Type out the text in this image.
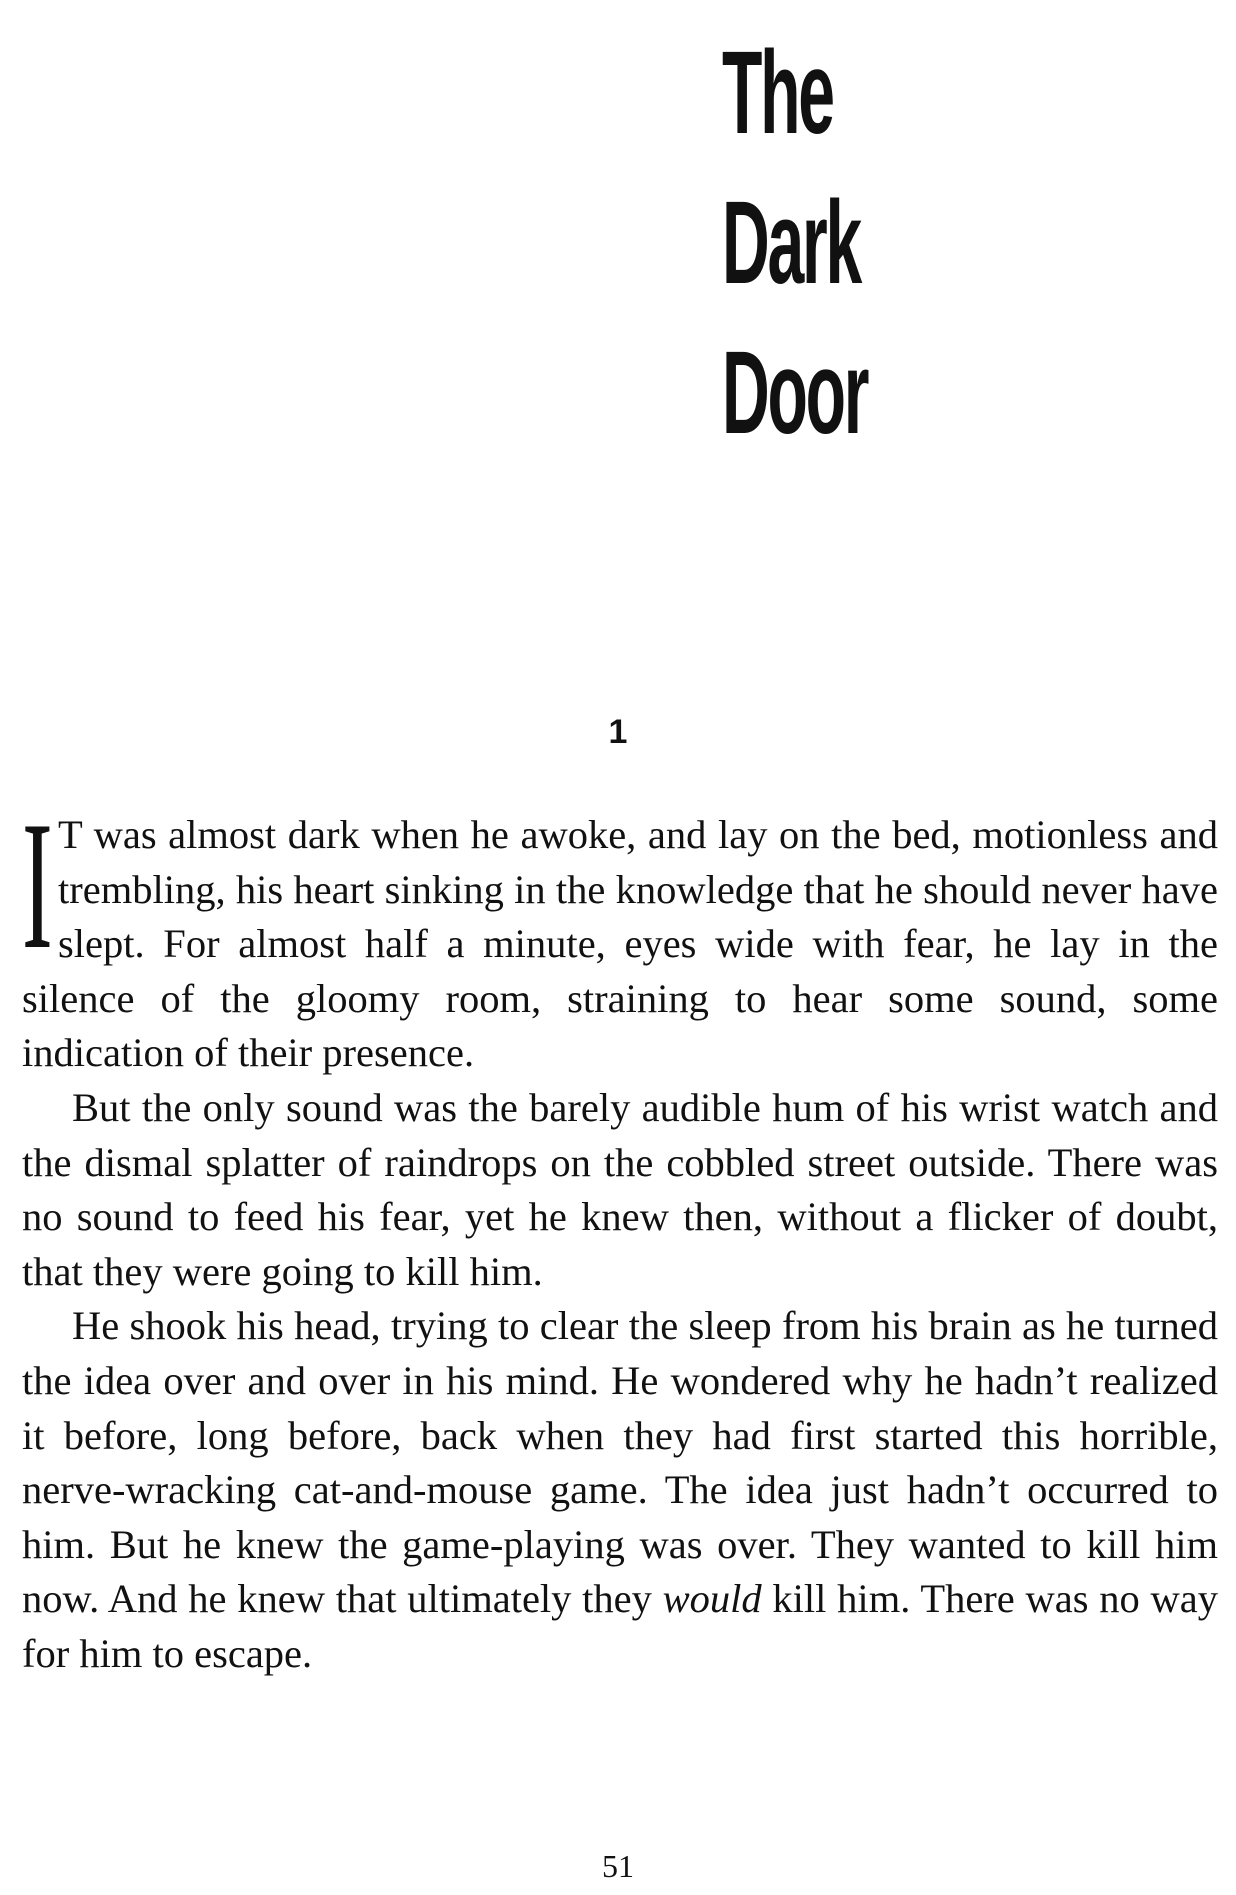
The
Dark
Door
1

I T was almost dark when he awoke, and lay on the bed, motionless and trembling, his heart sinking in the knowledge that he should never have slept. For almost half a minute, eyes wide with fear, he lay in the silence of the gloomy room, straining to hear some sound, some indication of their presence.

But the only sound was the barely audible hum of his wrist watch and the dismal splatter of raindrops on the cobbled street outside. There was no sound to feed his fear, yet he knew then, without a flicker of doubt, that they were going to kill him.

He shook his head, trying to clear the sleep from his brain as he turned the idea over and over in his mind. He wondered why he hadn’t realized it before, long before, back when they had first started this horrible, nerve-wracking cat-and-mouse game. The idea just hadn’t occurred to him. But he knew the game-playing was over. They wanted to kill him now. And he knew that ultimately they would kill him. There was no way for him to escape.

51
